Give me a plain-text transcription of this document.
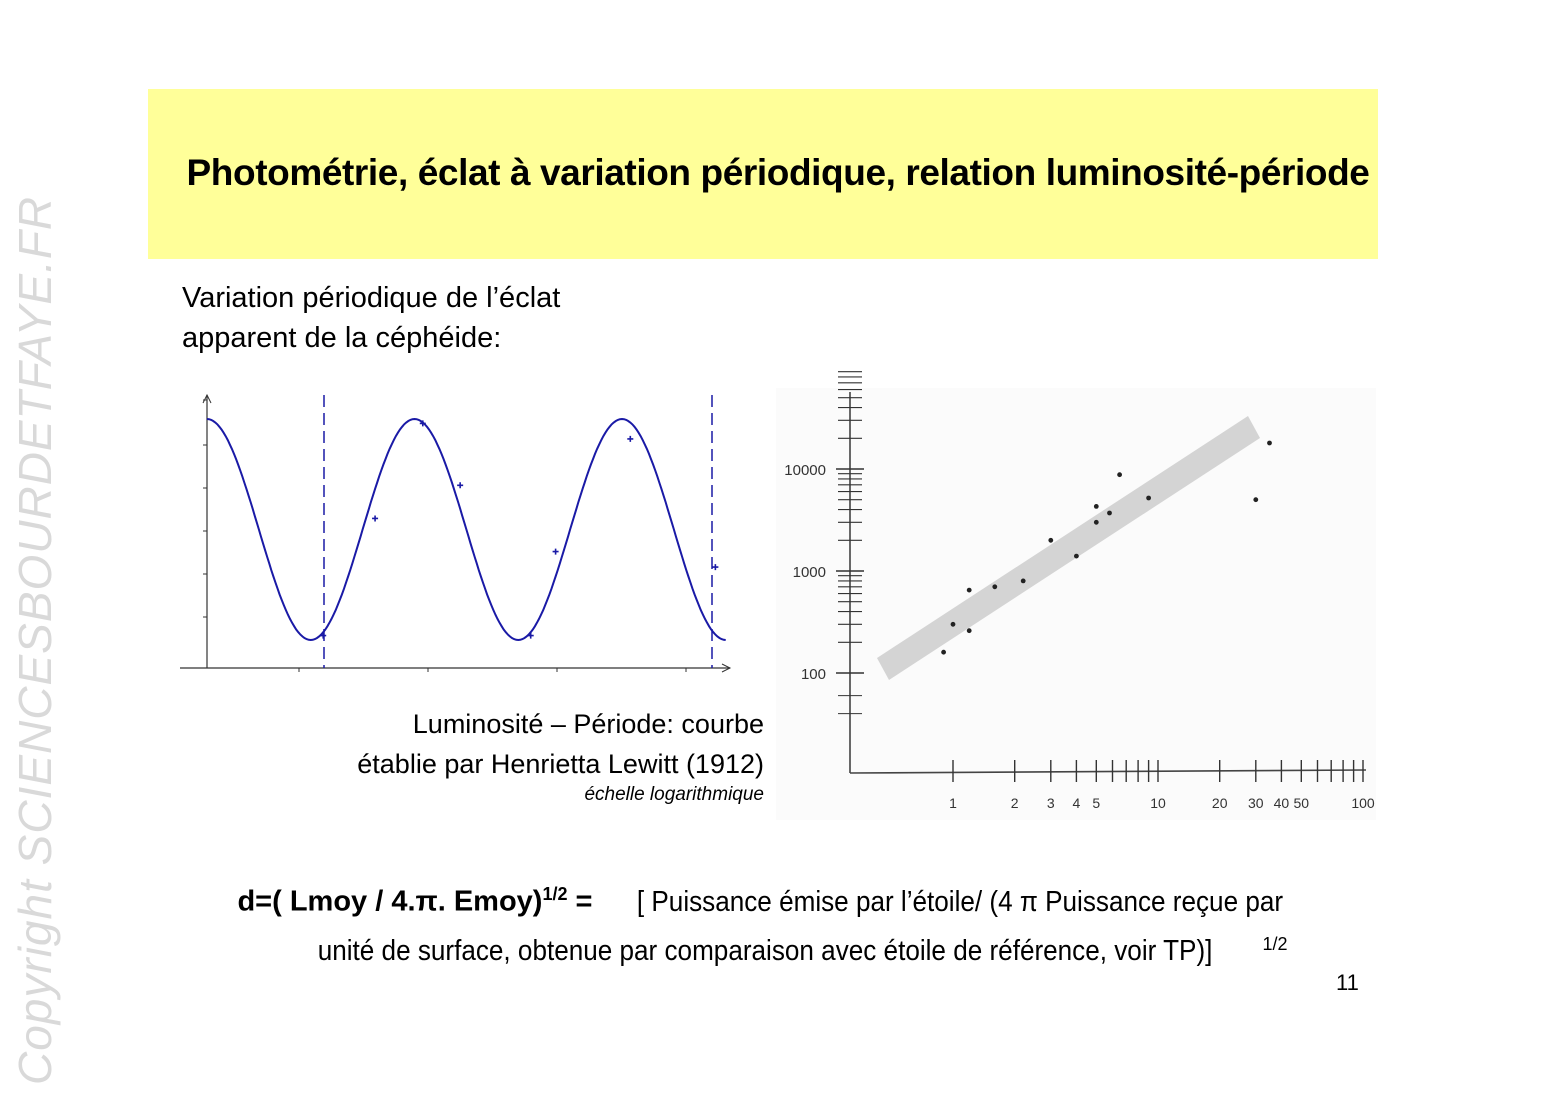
Photométrie, éclat à variation périodique, relation luminosité-période
Copyright SCIENCESBOURDETFAYE.FR	Variation périodique de l’éclat
apparent de la céphéide:
100
1000
10000
1	2 3 4 5	10	20 30 40 50	100
Luminosité – Période: courbe
établie par Henrietta Lewitt (1912)
échelle logarithmique
d=( Lmoy / 4.π. Emoy)$^{1/2}$ = [ Puissance émise par l’étoile/ (4 π Puissance reçue par
unité de surface, obtenue par comparaison avec étoile de référence, voir TP)]	$^{1/2}$
11
